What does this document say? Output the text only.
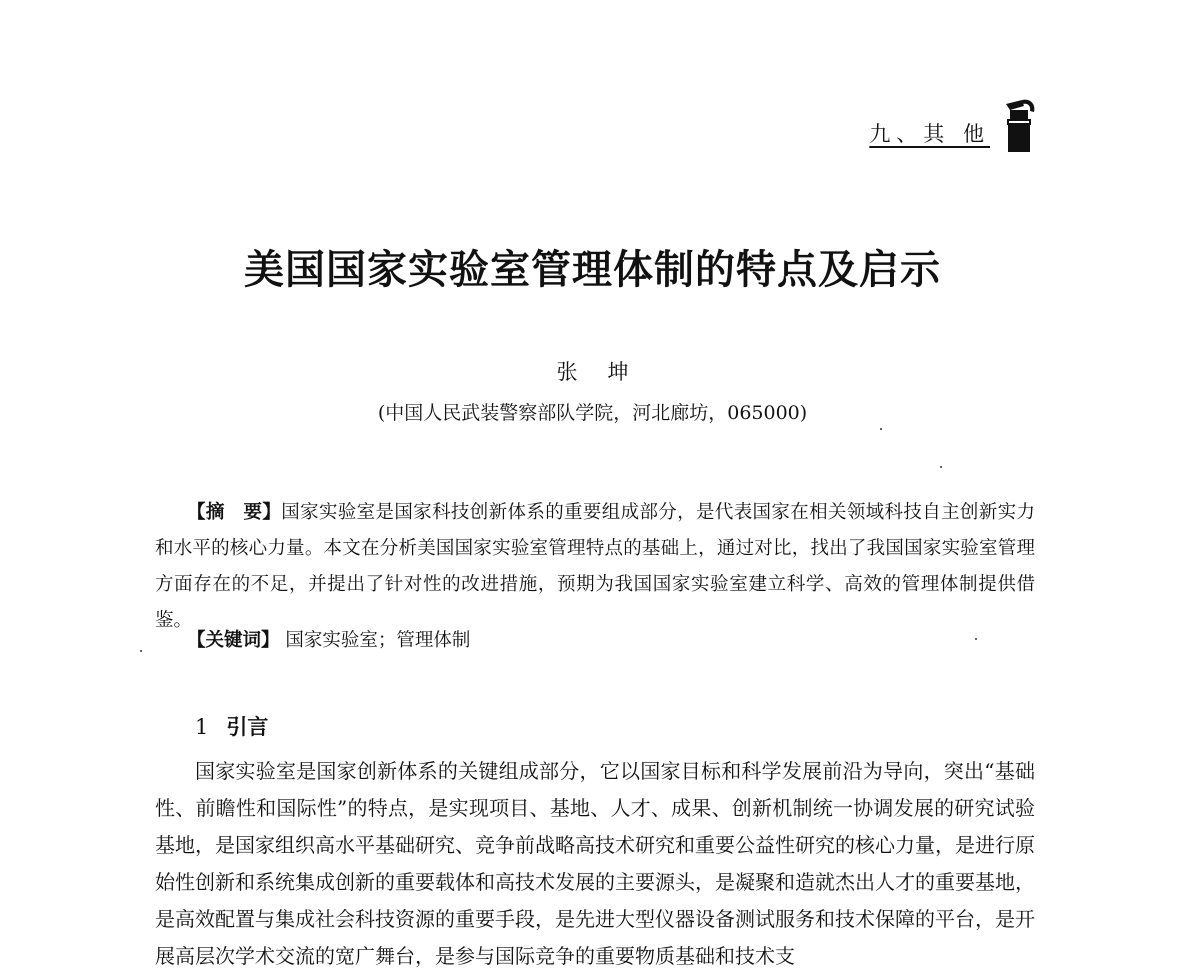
九、其 他
美国国家实验室管理体制的特点及启示
张坤
(中国人民武装警察部队学院，河北廊坊，065000)

【摘　要】国家实验室是国家科技创新体系的重要组成部分，是代表国家在相关领域科技自主创新实力和水平的核心力量。本文在分析美国国家实验室管理特点的基础上，通过对比，找出了我国国家实验室管理方面存在的不足，并提出了针对性的改进措施，预期为我国国家实验室建立科学、高效的管理体制提供借鉴。

【关键词】 国家实验室；管理体制

1 引言

国家实验室是国家创新体系的关键组成部分，它以国家目标和科学发展前沿为导向，突出“基础性、前瞻性和国际性”的特点，是实现项目、基地、人才、成果、创新机制统一协调发展的研究试验基地，是国家组织高水平基础研究、竞争前战略高技术研究和重要公益性研究的核心力量，是进行原始性创新和系统集成创新的重要载体和高技术发展的主要源头，是凝聚和造就杰出人才的重要基地，是高效配置与集成社会科技资源的重要手段，是先进大型仪器设备测试服务和技术保障的平台，是开展高层次学术交流的宽广舞台，是参与国际竞争的重要物质基础和技术支
